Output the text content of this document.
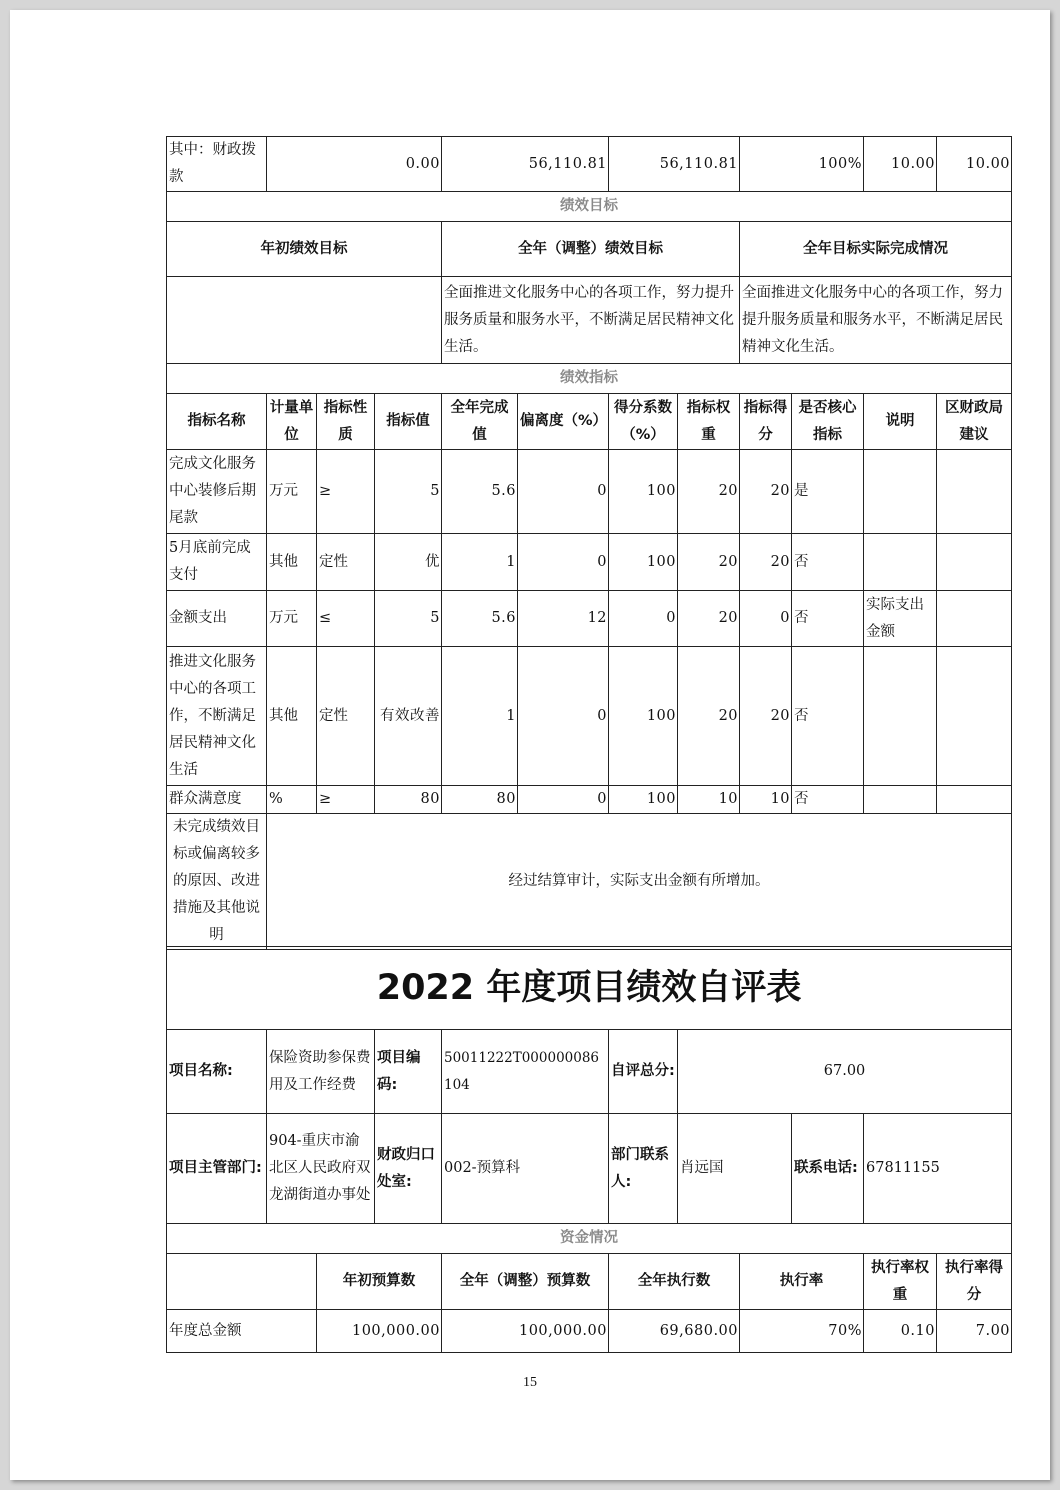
其中：财政拨款	0.00			56,110.81		56,110.81		100%		10.00	10.00
绩效目标											
年初绩效目标				全年（调整）绩效目标				全年目标实际完成情况			
				全面推进文化服务中心的各项工作，努力提升服务质量和服务水平，不断满足居民精神文化生活。				全面推进文化服务中心的各项工作，努力提升服务质量和服务水平，不断满足居民精神文化生活。			
绩效指标											
指标名称	计量单位	指标性质	指标值	全年完成值	偏离度（%）	得分系数（%）	指标权重	指标得分	是否核心指标	说明	区财政局建议
完成文化服务中心装修后期尾款	万元	≥	5	5.6	0	100	20	20	是		
5月底前完成支付	其他	定性	优	1	0	100	20	20	否		
金额支出	万元	≤	5	5.6	12	0	20	0	否	实际支出金额	
推进文化服务中心的各项工作，不断满足居民精神文化生活	其他	定性	有效改善	1	0	100	20	20	否		
群众满意度	%	≥	80	80	0	100	10	10	否		
未完成绩效目标或偏离较多的原因、改进措施及其他说明	经过结算审计，实际支出金额有所增加。										
2022 年度项目绩效自评表										
项目名称:	保险资助参保费用及工作经费		项目编码:	50011222T000000086104	自评总分:	67.00				
项目主管部门:	904-重庆市渝北区人民政府双龙湖街道办事处		财政归口处室:	002-预算科	部门联系人:	肖远国		联系电话:	67811155	
资金情况										
		年初预算数		全年（调整）预算数	全年执行数		执行率		执行率权重	执行率得分
年度总金额		100,000.00		100,000.00	69,680.00		70%		0.10	7.00
15
